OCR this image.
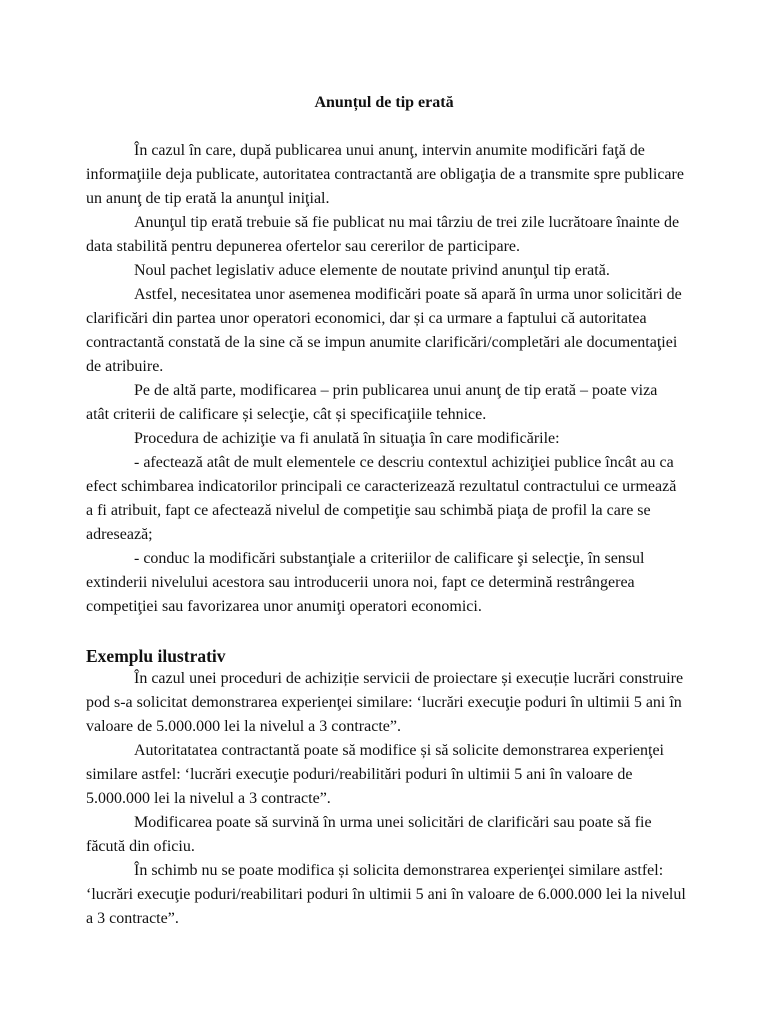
Anunțul de tip erată

În cazul în care, după publicarea unui anunţ, intervin anumite modificări faţă de informaţiile deja publicate, autoritatea contractantă are obligaţia de a transmite spre publicare un anunţ de tip erată la anunţul iniţial.

Anunţul tip erată trebuie să fie publicat nu mai târziu de trei zile lucrătoare înainte de data stabilită pentru depunerea ofertelor sau cererilor de participare.

Noul pachet legislativ aduce elemente de noutate privind anunţul tip erată.

Astfel, necesitatea unor asemenea modificări poate să apară în urma unor solicitări de clarificări din partea unor operatori economici, dar și ca urmare a faptului că autoritatea contractantă constată de la sine că se impun anumite clarificări/completări ale documentaţiei de atribuire.

Pe de altă parte, modificarea – prin publicarea unui anunţ de tip erată – poate viza atât criterii de calificare și selecţie, cât și specificaţiile tehnice.

Procedura de achiziţie va fi anulată în situaţia în care modificările:

- afectează atât de mult elementele ce descriu contextul achiziţiei publice încât au ca efect schimbarea indicatorilor principali ce caracterizează rezultatul contractului ce urmează a fi atribuit, fapt ce afectează nivelul de competiţie sau schimbă piaţa de profil la care se adresează;

- conduc la modificări substanţiale a criteriilor de calificare şi selecţie, în sensul extinderii nivelului acestora sau introducerii unora noi, fapt ce determină restrângerea competiţiei sau favorizarea unor anumiţi operatori economici.

Exemplu ilustrativ

În cazul unei proceduri de achiziție servicii de proiectare și execuție lucrări construire pod s-a solicitat demonstrarea experienţei similare: ‘lucrări execuţie poduri în ultimii 5 ani în valoare de 5.000.000 lei la nivelul a 3 contracte”.

Autoritatatea contractantă poate să modifice și să solicite demonstrarea experienţei similare astfel: ‘lucrări execuţie poduri/reabilitări poduri în ultimii 5 ani în valoare de 5.000.000 lei la nivelul a 3 contracte”.

Modificarea poate să survină în urma unei solicitări de clarificări sau poate să fie făcută din oficiu.

În schimb nu se poate modifica și solicita demonstrarea experienţei similare astfel: ‘lucrări execuţie poduri/reabilitari poduri în ultimii 5 ani în valoare de 6.000.000 lei la nivelul a 3 contracte”.
